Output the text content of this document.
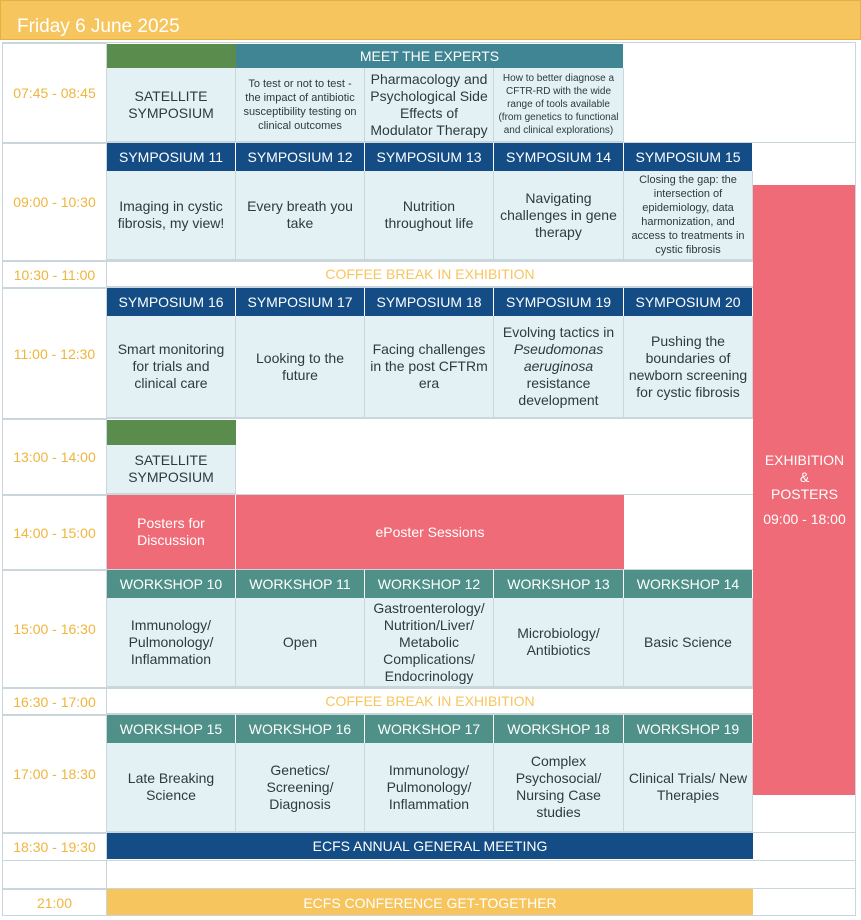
Friday 6 June 2025
07:45 - 08:45
09:00 - 10:30
10:30 - 11:00
11:00 - 12:30
13:00 - 14:00
14:00 - 15:00
15:00 - 16:30
16:30 - 17:00
17:00 - 18:30
18:30 - 19:30
21:00
SATELLITE SYMPOSIUM
MEET THE EXPERTS
To test or not to test - the impact of antibiotic susceptibility testing on clinical outcomes
Pharmacology and Psychological Side Effects of Modulator Therapy
How to better diagnose a CFTR-RD with the wide range of tools available (from genetics to functional and clinical explorations)
SYMPOSIUM 11 SYMPOSIUM 12 SYMPOSIUM 13 SYMPOSIUM 14 SYMPOSIUM 15
Imaging in cystic fibrosis, my view!
Every breath you take
Nutrition throughout life
Navigating challenges in gene therapy
Closing the gap: the intersection of epidemiology, data harmonization, and access to treatments in cystic fibrosis
COFFEE BREAK IN EXHIBITION
SYMPOSIUM 16 SYMPOSIUM 17 SYMPOSIUM 18 SYMPOSIUM 19 SYMPOSIUM 20
Smart monitoring for trials and clinical care
Looking to the future
Facing challenges in the post CFTRm era
Evolving tactics in
Pseudomonas aeruginosa
resistance development
Pushing the boundaries of newborn screening for cystic fibrosis
SATELLITE SYMPOSIUM
Posters for Discussion
ePoster Sessions
EXHIBITION & POSTERS
09:00 - 18:00
WORKSHOP 10 WORKSHOP 11 WORKSHOP 12 WORKSHOP 13 WORKSHOP 14
Immunology/ Pulmonology/ Inflammation
Open
Gastroenterology/ Nutrition/Liver/ Metabolic Complications/ Endocrinology
Microbiology/ Antibiotics
Basic Science
COFFEE BREAK IN EXHIBITION
WORKSHOP 15 WORKSHOP 16 WORKSHOP 17 WORKSHOP 18 WORKSHOP 19
Late Breaking Science
Genetics/ Screening/ Diagnosis
Immunology/ Pulmonology/ Inflammation
Complex Psychosocial/ Nursing Case studies
Clinical Trials/ New Therapies
ECFS ANNUAL GENERAL MEETING
ECFS CONFERENCE GET-TOGETHER
